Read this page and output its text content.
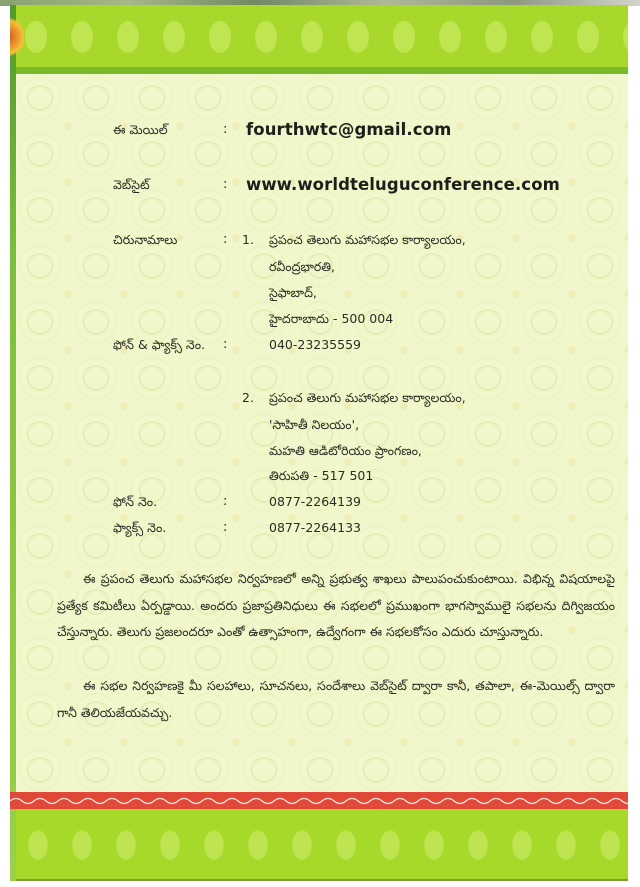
ఈ మెయిల్	: fourthwtc@gmail.com
వెబ్‌సైట్	: www.worldteluguconference.com
చిరునామాలు	: 1. ప్రపంచ తెలుగు మహాసభల కార్యాలయం,
రవీంద్రభారతి,
సైఫాబాద్,
హైదరాబాదు - 500 004
ఫోన్ & ఫ్యాక్స్ నెం. :	040-23235559
2. ప్రపంచ తెలుగు మహాసభల కార్యాలయం,
'సాహితీ నిలయం',
మహతి ఆడిటోరియం ప్రాంగణం,
తిరుపతి - 517 501
ఫోన్ నెం.	:	0877-2264139
ఫ్యాక్స్ నెం.	:	0877-2264133

ఈ ప్రపంచ తెలుగు మహాసభల నిర్వహణలో అన్ని ప్రభుత్వ శాఖలు పాలుపంచుకుంటాయి. విభిన్న విషయాలపై ప్రత్యేక కమిటీలు ఏర్పడ్డాయి. అందరు ప్రజాప్రతినిధులు ఈ సభలలో ప్రముఖంగా భాగస్వాములై సభలను దిగ్విజయం చేస్తున్నారు. తెలుగు ప్రజలందరూ ఎంతో ఉత్సాహంగా, ఉద్వేగంగా ఈ సభలకోసం ఎదురు చూస్తున్నారు.

ఈ సభల నిర్వహణకై మీ సలహాలు, సూచనలు, సందేశాలు వెబ్‌సైట్ ద్వారా కానీ, తపాలా, ఈ-మెయిల్స్ ద్వారా గానీ తెలియజేయవచ్చు.
